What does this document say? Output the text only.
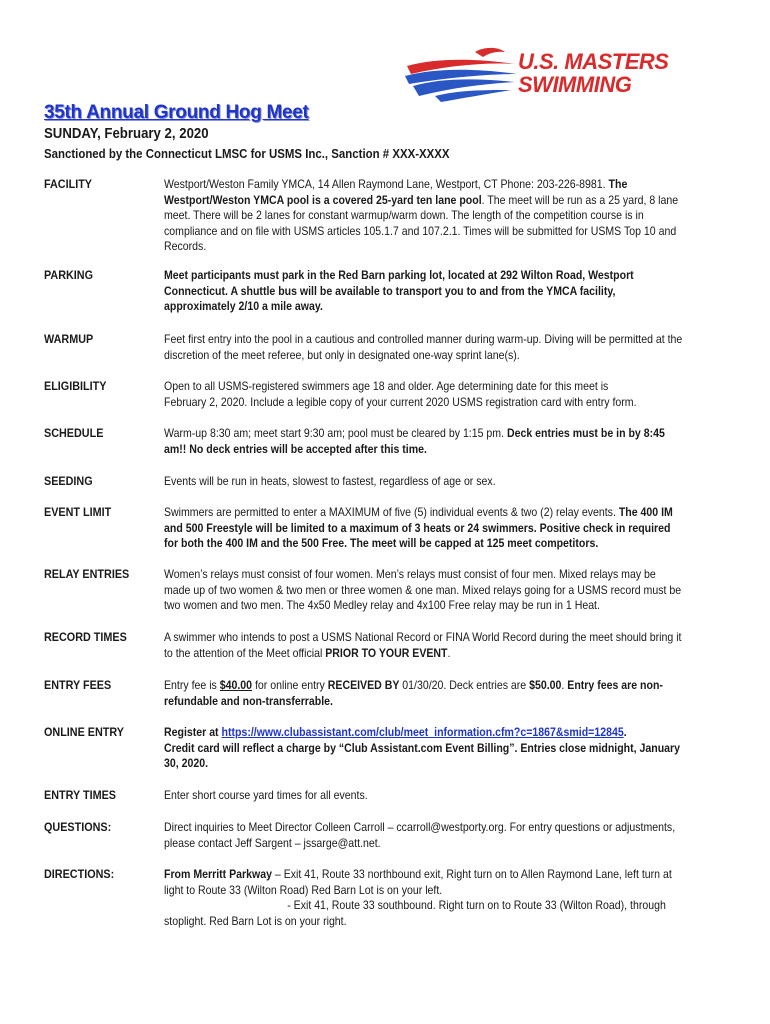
U.S. MASTERS
SWIMMING
35th Annual Ground Hog Meet
SUNDAY, February 2, 2020
Sanctioned by the Connecticut LMSC for USMS Inc., Sanction # XXX-XXXX
FACILITY	Westport/Weston Family YMCA, 14 Allen Raymond Lane, Westport, CT Phone: 203-226-8981. The
Westport/Weston YMCA pool is a covered 25-yard ten lane pool. The meet will be run as a 25 yard, 8 lane
meet. There will be 2 lanes for constant warmup/warm down. The length of the competition course is in
compliance and on file with USMS articles 105.1.7 and 107.2.1. Times will be submitted for USMS Top 10 and
Records.
PARKING	Meet participants must park in the Red Barn parking lot, located at 292 Wilton Road, Westport
Connecticut. A shuttle bus will be available to transport you to and from the YMCA facility,
approximately 2/10 a mile away.
WARMUP	Feet first entry into the pool in a cautious and controlled manner during warm-up. Diving will be permitted at the
discretion of the meet referee, but only in designated one-way sprint lane(s).
ELIGIBILITY	Open to all USMS-registered swimmers age 18 and older. Age determining date for this meet is
February 2, 2020. Include a legible copy of your current 2020 USMS registration card with entry form.
SCHEDULE	Warm-up 8:30 am; meet start 9:30 am; pool must be cleared by 1:15 pm. Deck entries must be in by 8:45
am!! No deck entries will be accepted after this time.
SEEDING	Events will be run in heats, slowest to fastest, regardless of age or sex.
EVENT LIMIT	Swimmers are permitted to enter a MAXIMUM of five (5) individual events & two (2) relay events. The 400 IM
and 500 Freestyle will be limited to a maximum of 3 heats or 24 swimmers. Positive check in required
for both the 400 IM and the 500 Free. The meet will be capped at 125 meet competitors.
RELAY ENTRIES	Women’s relays must consist of four women. Men’s relays must consist of four men. Mixed relays may be
made up of two women & two men or three women & one man. Mixed relays going for a USMS record must be
two women and two men. The 4x50 Medley relay and 4x100 Free relay may be run in 1 Heat.
RECORD TIMES	A swimmer who intends to post a USMS National Record or FINA World Record during the meet should bring it
to the attention of the Meet official PRIOR TO YOUR EVENT.
ENTRY FEES	Entry fee is $40.00 for online entry RECEIVED BY 01/30/20. Deck entries are $50.00. Entry fees are non-
refundable and non-transferrable.
ONLINE ENTRY	Register at https://www.clubassistant.com/club/meet_information.cfm?c=1867&smid=12845.
Credit card will reflect a charge by “Club Assistant.com Event Billing”. Entries close midnight, January
30, 2020.
ENTRY TIMES	Enter short course yard times for all events.
QUESTIONS:	Direct inquiries to Meet Director Colleen Carroll – ccarroll@westporty.org. For entry questions or adjustments,
please contact Jeff Sargent – jssarge@att.net.
DIRECTIONS:	From Merritt Parkway – Exit 41, Route 33 northbound exit, Right turn on to Allen Raymond Lane, left turn at
light to Route 33 (Wilton Road) Red Barn Lot is on your left.
- Exit 41, Route 33 southbound. Right turn on to Route 33 (Wilton Road), through
stoplight. Red Barn Lot is on your right.
